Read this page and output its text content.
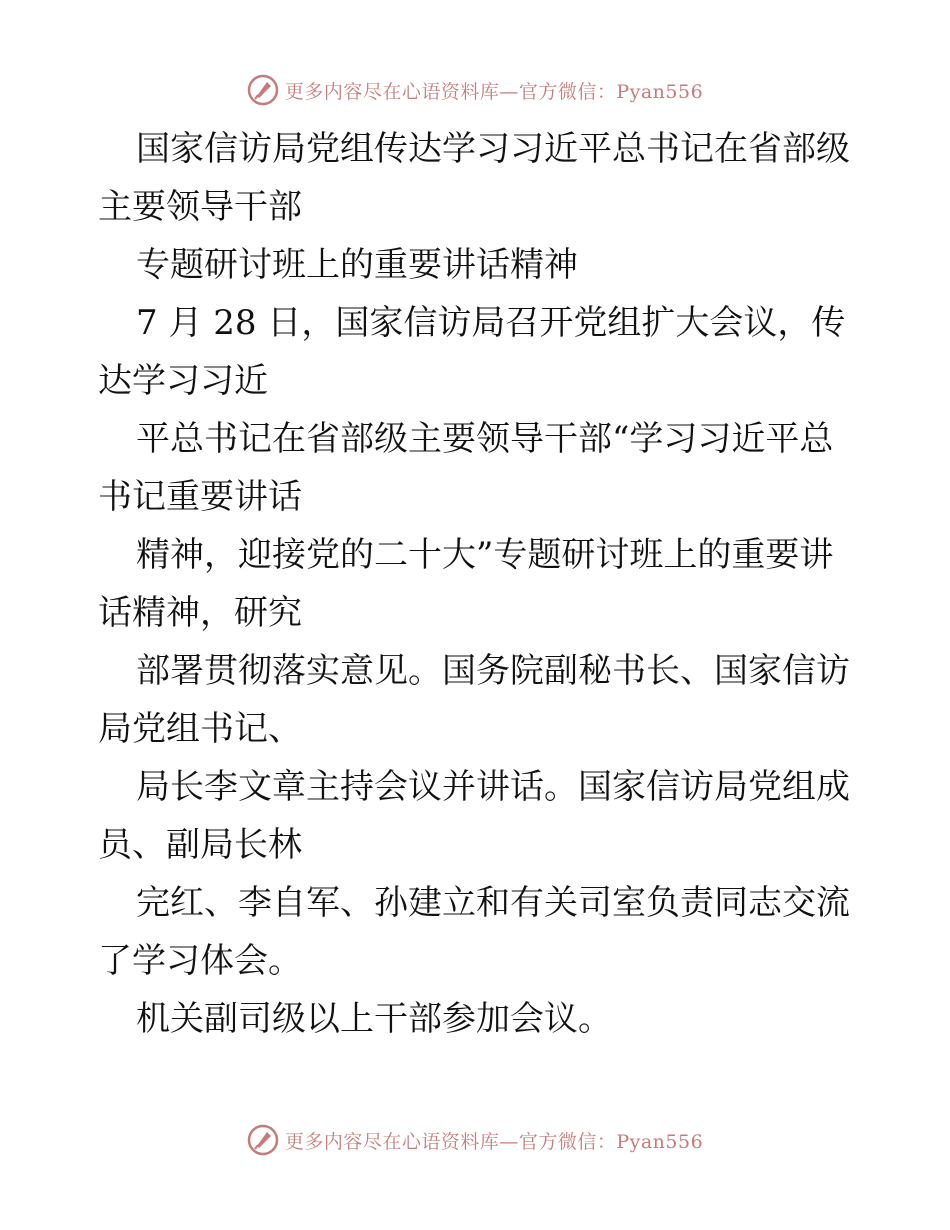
更多内容尽在心语资料库—官方微信：Pyan556

国家信访局党组传达学习习近平总书记在省部级
主要领导干部

专题研讨班上的重要讲话精神

7 月 28 日，国家信访局召开党组扩大会议，传
达学习习近

平总书记在省部级主要领导干部“学习习近平总
书记重要讲话

精神，迎接党的二十大”专题研讨班上的重要讲
话精神，研究

部署贯彻落实意见。国务院副秘书长、国家信访
局党组书记、

局长李文章主持会议并讲话。国家信访局党组成
员、副局长林

完红、李自军、孙建立和有关司室负责同志交流
了学习体会。

机关副司级以上干部参加会议。

更多内容尽在心语资料库—官方微信：Pyan556
